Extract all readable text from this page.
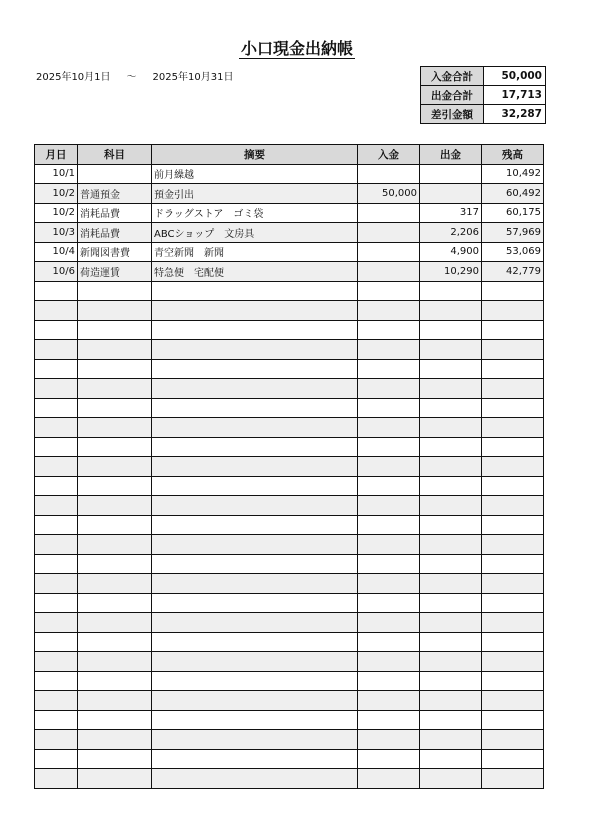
小口現金出納帳
2025年10月1日 ～ 2025年10月31日	入金合計	50,000
出金合計	17,713
差引金額	32,287
月日	科目	摘要	入金	出金	残高
10/1		前月繰越			10,492
10/2	普通預金	預金引出	50,000		60,492
10/2	消耗品費	ドラッグストア　ゴミ袋		317	60,175
10/3	消耗品費	ABCショップ　文房具		2,206	57,969
10/4	新聞図書費	青空新聞　新聞		4,900	53,069
10/6	荷造運賃	特急便　宅配便		10,290	42,779
